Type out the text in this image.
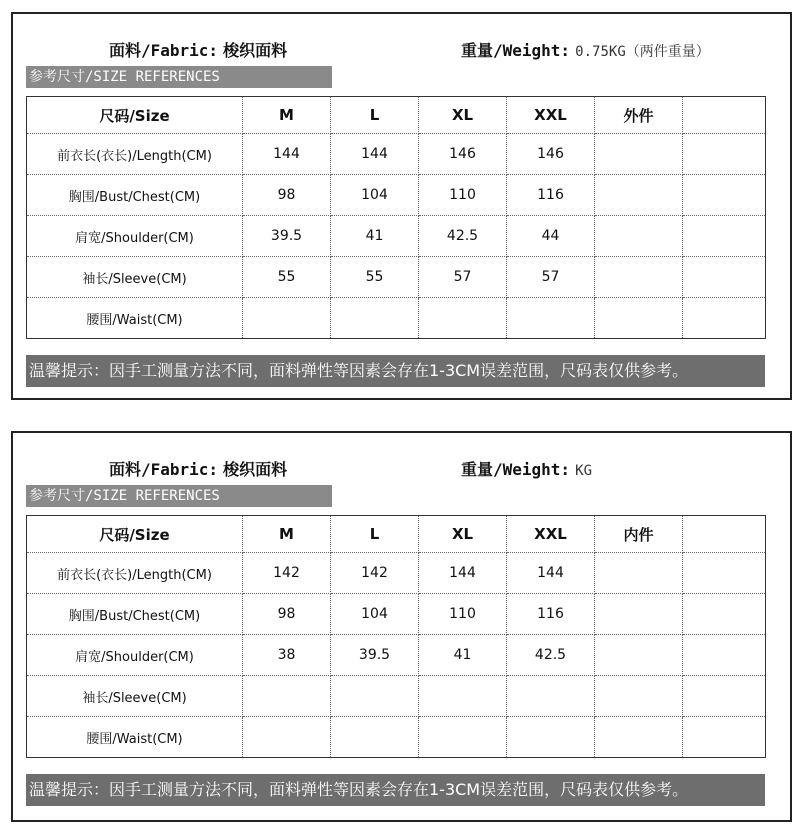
面料/Fabric: 梭织面料	重量/Weight: 0.75KG（两件重量）
参考尺寸/SIZE REFERENCES
尺码/Size	M	L	XL	XXL	外件	
前衣长(衣长)/Length(CM)	144	144	146	146		
胸围/Bust/Chest(CM)	98	104	110	116		
肩宽/Shoulder(CM)	39.5	41	42.5	44		
袖长/Sleeve(CM)	55	55	57	57		
腰围/Waist(CM)						
温馨提示：因手工测量方法不同，面料弹性等因素会存在1-3CM误差范围，尺码表仅供参考。
面料/Fabric: 梭织面料	重量/Weight: KG
参考尺寸/SIZE REFERENCES
尺码/Size	M	L	XL	XXL	内件	
前衣长(衣长)/Length(CM)	142	142	144	144		
胸围/Bust/Chest(CM)	98	104	110	116		
肩宽/Shoulder(CM)	38	39.5	41	42.5		
袖长/Sleeve(CM)						
腰围/Waist(CM)						
温馨提示：因手工测量方法不同，面料弹性等因素会存在1-3CM误差范围，尺码表仅供参考。
